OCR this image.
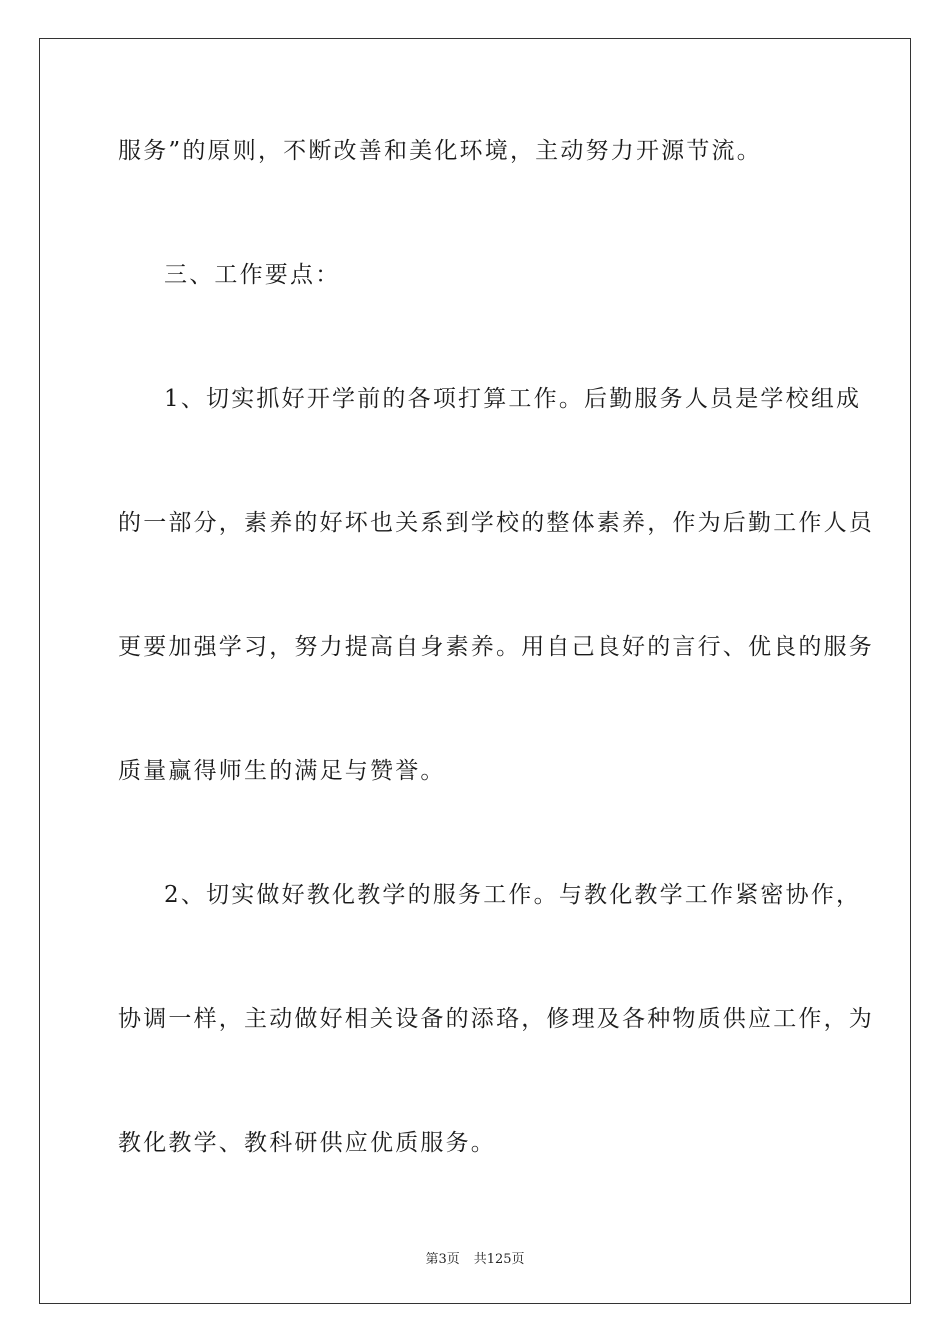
服务”的原则，不断改善和美化环境，主动努力开源节流。
三、工作要点：
1、切实抓好开学前的各项打算工作。后勤服务人员是学校组成
的一部分，素养的好坏也关系到学校的整体素养，作为后勤工作人员
更要加强学习，努力提高自身素养。用自己良好的言行、优良的服务
质量赢得师生的满足与赞誉。
2、切实做好教化教学的服务工作。与教化教学工作紧密协作，
协调一样，主动做好相关设备的添珞，修理及各种物质供应工作，为
教化教学、教科研供应优质服务。
第3页 共125页
